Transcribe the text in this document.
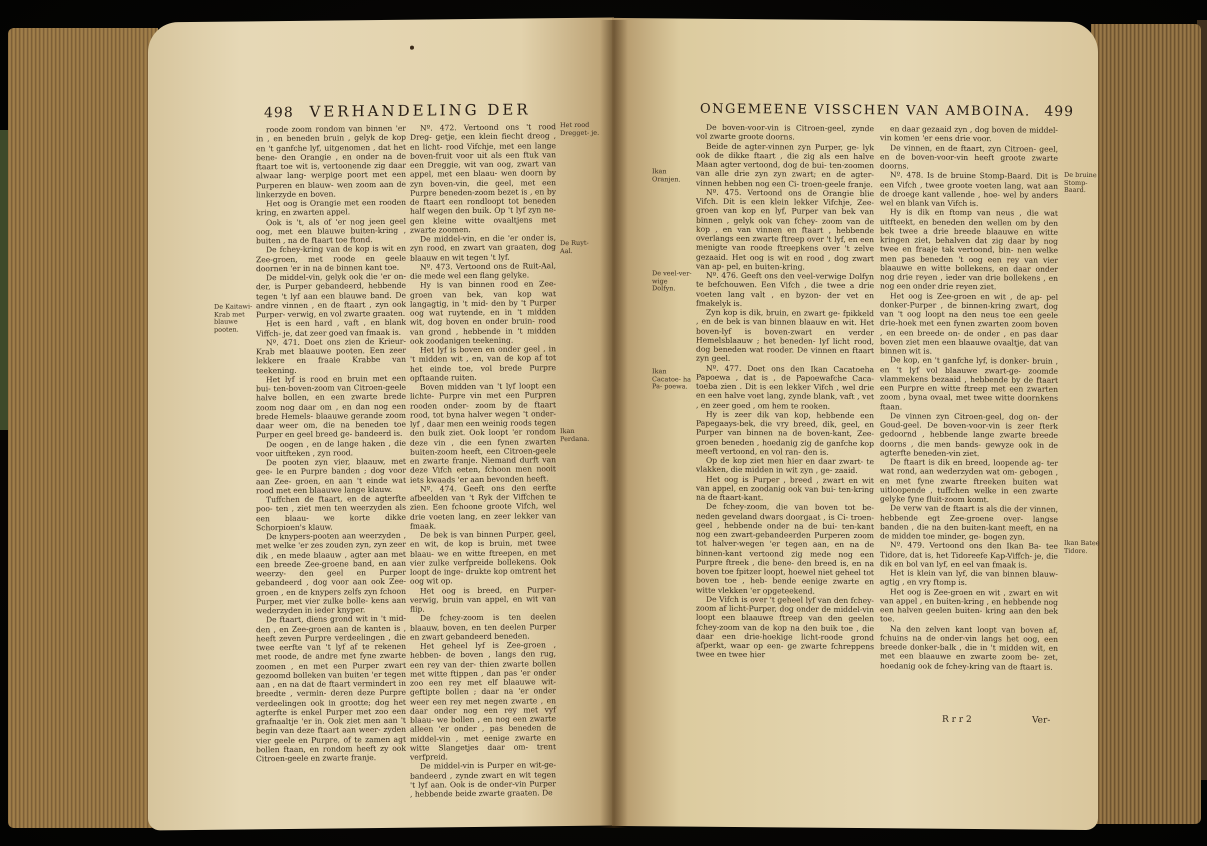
498 VERHANDELING DER

roode zoom rondom van binnen 'er in , en beneden bruin , gelyk de kop en 't ganfche lyf, uitgenomen , dat het bene- den Orangie , en onder na de ftaart toe wit is, vertoonende zig daar alwaar lang- werpige poort met een Purperen en blauw- wen zoom aan de linkerzyde en boven.

Het oog is Orangie met een rooden kring, en zwarten appel.

Ook is 't, als of 'er nog jeen geel oog, met een blauwe buiten-kring , buiten , na de ftaart toe ftond.

De fchey-kring van de kop is wit en Zee-groen, met roode en geele doornen 'er in na de binnen kant toe.

De middel-vin, gelyk ook die 'er on- der, is Purper gebandeerd, hebbende tegen 't lyf aan een blauwe band. De andre vinnen , en de ftaart , zyn ook Purper- verwig, en vol zwarte graaten.

Het is een hard , vaft , en blank Viffch- je, dat zeer goed van fmaak is.

Nº. 471. Doet ons zien de Krieur-Krab met blaauwe pooten. Een zeer lekkere en fraaie Krabbe van teekening.

Het lyf is rood en bruin met een bui- ten-boven-zoom van Citroen-geele halve bollen, en een zwarte brede zoom nog daar om , en dan nog een brede Hemels- blaauwe gerande zoom daar weer om, die na beneden toe Purper en geel breed ge- bandeerd is.

De oogen , en de lange haken , die voor uitfteken , zyn rood.

De pooten zyn vier, blaauw, met gee- le en Purpre banden ; dog voor aan Zee- groen, en aan 't einde wat rood met een blaauwe lange klauw.

Tuffchen de ftaart, en de agterfte poo- ten , ziet men ten weerzyden als een blaau- we korte dikke Schorpioen's klauw.

De knypers-pooten aan weerzyden , met welke 'er zes zouden zyn, zyn zeer dik , en mede blaauw , agter aan met een breede Zee-groene band, en aan weerzy- den geel en Purper gebandeerd , dog voor aan ook Zee-groen , en de knypers zelfs zyn fchoon Purper, met vier zulke bolle- kens aan wederzyden in ieder knyper.

De ftaart, diens grond wit in 't mid- den , en Zee-groen aan de kanten is , heeft zeven Purpre verdeelingen , die twee eerfte van 't lyf af te rekenen met roode, de andre met fyne zwarte zoomen , en met een Purper zwart gezoomd bolleken van buiten 'er tegen aan , en na dat de ftaart vermindert in breedte , vermin- deren deze Purpre verdeelingen ook in grootte; dog het agterfte is enkel Purper met zoo een grafnaaltje 'er in. Ook ziet men aan 't begin van deze ftaart aan weer- zyden vier geele en Purpre, of te zamen agt bollen ftaan, en rondom heeft zy ook Citroen-geele en zwarte franje.

Nº. 472. Vertoond ons 't rood Dreg- getje, een klein fiecht dreog , en licht- rood Vifchje, met een lange boven-fruit voor uit als een ftuk van een Dreggie, wit van oog, zwart van appel, met een blaau- wen doorn by zyn boven-vin, die geel, met een Purpre beneden-zoom bezet is , en by de ftaart een rondloopt tot beneden half wegen den buik. Op 't lyf zyn ne- gen kleine witte ovaaltjens met zwarte zoomen.

De middel-vin, en die 'er onder is, zyn rood, en zwart van graaten, dog blaauw en wit tegen 't lyf.

Nº. 473. Vertoond ons de Ruit-Aal, die mede wel een flang gelyke.

Hy is van binnen rood en Zee-groen van bek, van kop wat langagtig, in 't mid- den by 't Purper oog wat ruytende, en in 't midden wit, dog boven en onder bruin- rood van grond , hebbende in 't midden ook zoodanigen teekening.

Het lyf is boven en onder geel , in 't midden wit , en, van de kop af tot het einde toe, vol brede Purpre opftaande ruiten.

Boven midden van 't lyf loopt een lichte- Purpre vin met een Purpren rooden onder- zoom by de ftaart rood, tot byna halver wegen 't onder-lyf , daar men een weinig roods tegen den buik ziet. Ook loopt 'er rondom deze vin , die een fynen zwarten buiten-zoom heeft, een Citroen-geele en zwarte franje. Niemand durft van deze Vifch eeten, fchoon men nooit iets kwaads 'er aan bevonden heeft.

Nº. 474. Geeft ons den eerfte afbeelden van 't Ryk der Viffchen te zien. Een fchoone groote Vifch, wel drie voeten lang, en zeer lekker van fmaak.

De bek is van binnen Purper, geel, en wit, de kop is bruin, met twee blaau- we en witte ftreepen, en met vier zulke verfpreide bollekens. Ook loopt de inge- drukte kop omtrent het oog wit op.

Het oog is breed, en Purper-verwig, bruin van appel, en wit van flip.

De fchey-zoom is ten deelen blaauw, boven, en ten deelen Purper en zwart gebandeerd beneden.

Het geheel lyf is Zee-groen , hebben- de boven , langs den rug, een rey van der- thien zwarte bollen met witte ftippen , dan pas 'er onder zoo een rey met elf blaauwe wit-geftipte bollen ; daar na 'er onder weer een rey met negen zwarte , en daar onder nog een rey met vyf blaau- we bollen , en nog een zwarte alleen 'er onder , pas beneden de middel-vin , met eenige zwarte en witte Slangetjes daar om- trent verfpreid.

De middel-vin is Purper en wit-ge- bandeerd , zynde zwart en wit tegen 't lyf aan. Ook is de onder-vin Purper , hebbende beide zwarte graaten. De

Het rood Dregget- je.
De Ruyt- Aal.
De Kaitawi- Krab met blauwe pooten.
Ikan Perdana.
ONGEMEENE VISSCHEN VAN AMBOINA. 499

De boven-voor-vin is Citroen-geel, zynde vol zwarte groote doorns.

Beide de agter-vinnen zyn Purper, ge- lyk ook de dikke ftaart , die zig als een halve Maan agter vertoond, dog de bui- ten-zoomen van alle drie zyn zyn zwart; en de agter-vinnen hebben nog een Ci- troen-geele franje.

Nº. 475. Vertoond ons de Orangie blie Vifch. Dit is een klein lekker Vifchje, Zee-groen van kop en lyf, Purper van bek van binnen , gelyk ook van fchey- zoom van de kop , en van vinnen en ftaart , hebbende overlangs een zwarte ftreep over 't lyf, en een menigte van roode ftreepkens over 't zelve gezaaid. Het oog is wit en rood , dog zwart van ap- pel, en buiten-kring.

Nº. 476. Geeft ons den veel-verwige Dolfyn te befchouwen. Een Vifch , die twee a drie voeten lang valt , en byzon- der vet en fmakelyk is.

Zyn kop is dik, bruin, en zwart ge- fpikkeld , en de bek is van binnen blaauw en wit. Het boven-lyf is boven-zwart en verder Hemelsblaauw ; het beneden- lyf licht rood, dog beneden wat rooder. De vinnen en ftaart zyn geel.

Nº. 477. Doet ons den Ikan Cacatoeha Papoewa , dat is , de Papoewafche Caca- toeba zien . Dit is een lekker Vifch , wel drie en een halve voet lang, zynde blank, vaft , vet , en zeer goed , om hem te rooken.

Hy is zeer dik van kop, hebbende een Papegaays-bek, die vry breed, dik, geel, en Purper van binnen na de boven-kant, Zee-groen beneden , hoedanig zig de ganfche kop meeft vertoond, en vol ran- den is.

Op de kop ziet men hier en daar zwart- te vlakken, die midden in wit zyn , ge- zaaid.

Het oog is Purper , breed , zwart en wit van appel, en zoodanig ook van bui- ten-kring na de ftaart-kant.

De fchey-zoom, die van boven tot be- neden geveland dwars doorgaat , is Ci- troen-geel , hebbende onder na de bui- ten-kant nog een zwart-gebandeerden Purperen zoom tot halver-wegen 'er tegen aan, en na de binnen-kant vertoond zig mede nog een Purpre ftreek , die bene- den breed is, en na boven toe fpitzer loopt, hoewel niet geheel tot boven toe , heb- bende eenige zwarte en witte vlekken 'er opgeteekend.

De Vifch is over 't geheel lyf van den fchey-zoom af licht-Purper, dog onder de middel-vin loopt een blaauwe ftreep van den geelen fchey-zoom van de kop na den buik toe , die daar een drie-hoekige licht-roode grond afperkt, waar op een- ge zwarte fchreppens twee en twee hier

en daar gezaaid zyn , dog boven de middel- vin komen 'er eens drie voor.

De vinnen, en de ftaart, zyn Citroen- geel, en de boven-voor-vin heeft groote zwarte doorns.

Nº. 478. Is de bruine Stomp-Baard. Dit is een Vifch , twee groote voeten lang, wat aan de droege kant vallende , hoe- wel by anders wel en blank van Vifch is.

Hy is dik en ftomp van neus , die wat uitfteekt, en beneden den wellen om by den bek twee a drie breede blaauwe en witte kringen ziet, behalven dat zig daar by nog twee en fraaje tak vertoond, bin- nen welke men pas beneden 't oog een rey van vier blaauwe en witte bollekens, en daar onder nog drie reyen , ieder van drie bollekens , en nog een onder drie reyen ziet.

Het oog is Zee-groen en wit , de ap- pel donker-Purper , de binnen-kring zwart, dog van 't oog loopt na den neus toe een geele drie-hoek met een fynen zwarten zoom boven , en een breede on- de onder , en pas daar boven ziet men een blaauwe ovaaltje, dat van binnen wit is.

De kop, en 't ganfche lyf, is donker- bruin , en 't lyf vol blaauwe zwart-ge- zoomde vlammekens bezaaid , hebbende by de ftaart een Purpre en witte ftreep met een zwarten zoom , byna ovaal, met twee witte doornkens ftaan.

De vinnen zyn Citroen-geel, dog on- der Goud-geel. De boven-voor-vin is zeer fterk gedoornd , hebbende lange zwarte breede doorns , die men bands- gewyze ook in de agterfte beneden-vin ziet.

De ftaart is dik en breed, loopende ag- ter wat rond, aan wederzyden wat om- gebogen , en met fyne zwarte ftreeken buiten wat uitloopende , tuffchen welke in een zwarte gelyke fyne fluit-zoom komt.

De verw van de ftaart is als die der vinnen, hebbende egt Zee-groene over- langse banden , die na den buiten-kant meeft, en na de midden toe minder, ge- bogen zyn.

Nº. 479. Vertoond ons den Ikan Ba- tee Tidore, dat is, het Tidoreefe Kap-Viffch- je, die dik en bol van lyf, en eel van fmaak is.

Het is klein van lyf, die van binnen blauw-agtig , en vry ftomp is.

Het oog is Zee-groen en wit , zwart en wit van appel , en buiten-kring , en hebbende nog een halven geelen buiten- kring aan den bek toe.

Na den zelven kant loopt van boven af, fchuins na de onder-vin langs het oog, een breede donker-balk , die in 't midden wit, en met een blaauwe en zwarte zoom be- zet, hoedanig ook de fchey-kring van de ftaart is.

Ikan Oranjen.
De veel-ver- wige Dolfyn.
Ikan Cacatoe- ha Pa- poewa.
De bruine Stomp- Baard.
Ikan Batee Tidore.
R r r 2	Ver-
